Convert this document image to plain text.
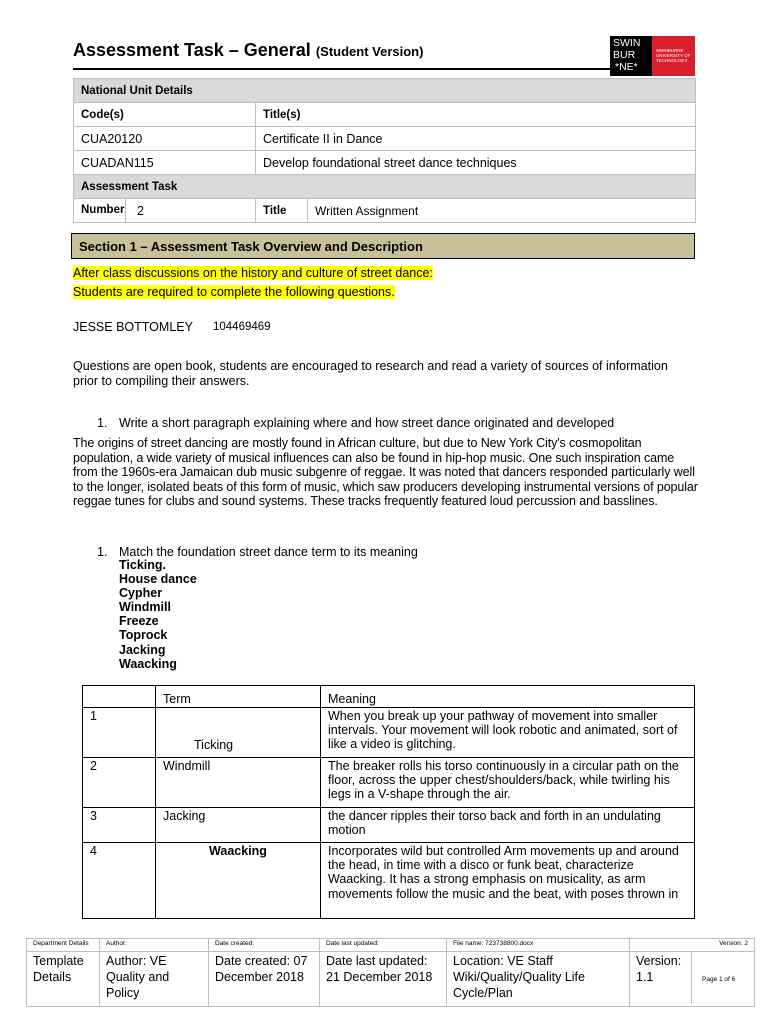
Assessment Task – General (Student Version)
SWIN
BUR
*NE*
SWINBURNE
UNIVERSITY OF
TECHNOLOGY
National Unit Details		
Code(s)	Title(s)	
CUA20120	Certificate II in Dance	
CUADAN115	Develop foundational street dance techniques	
Assessment Task		

Number 2	Title	Written Assignment
Section 1 – Assessment Task Overview and Description
After class discussions on the history and culture of street dance:
Students are required to complete the following questions.
JESSE BOTTOMLEY 104469469
Questions are open book, students are encouraged to research and read a variety of sources of information prior to compiling their answers.
1. Write a short paragraph explaining where and how street dance originated and developed
The origins of street dancing are mostly found in African culture, but due to New York City's cosmopolitan population, a wide variety of musical influences can also be found in hip-hop music. One such inspiration came from the 1960s-era Jamaican dub music subgenre of reggae. It was noted that dancers responded particularly well to the longer, isolated beats of this form of music, which saw producers developing instrumental versions of popular reggae tunes for clubs and sound systems. These tracks frequently featured loud percussion and basslines.
1. Match the foundation street dance term to its meaning
Ticking.
House dance
Cypher
Windmill
Freeze
Toprock
Jacking
Waacking
	Term	Meaning
1	Ticking	When you break up your pathway of movement into smaller intervals. Your movement will look robotic and animated, sort of like a video is glitching.
2	Windmill	The breaker rolls his torso continuously in a circular path on the floor, across the upper chest/shoulders/back, while twirling his legs in a V-shape through the air.
3	Jacking	the dancer ripples their torso back and forth in an undulating motion
4	Waacking	Incorporates wild but controlled Arm movements up and around the head, in time with a disco or funk beat, characterize Waacking. It has a strong emphasis on musicality, as arm movements follow the music and the beat, with poses thrown in
Department Details	Author:	Date created:	Date last updated:	File name: 723738800.docx	Version: 2
Template Details	Author: VE Quality and Policy	Date created: 07 December 2018	Date last updated: 21 December 2018	Location: VE Staff Wiki/Quality/Quality Life Cycle/Plan	Version: 1.1 Page 1 of 6
